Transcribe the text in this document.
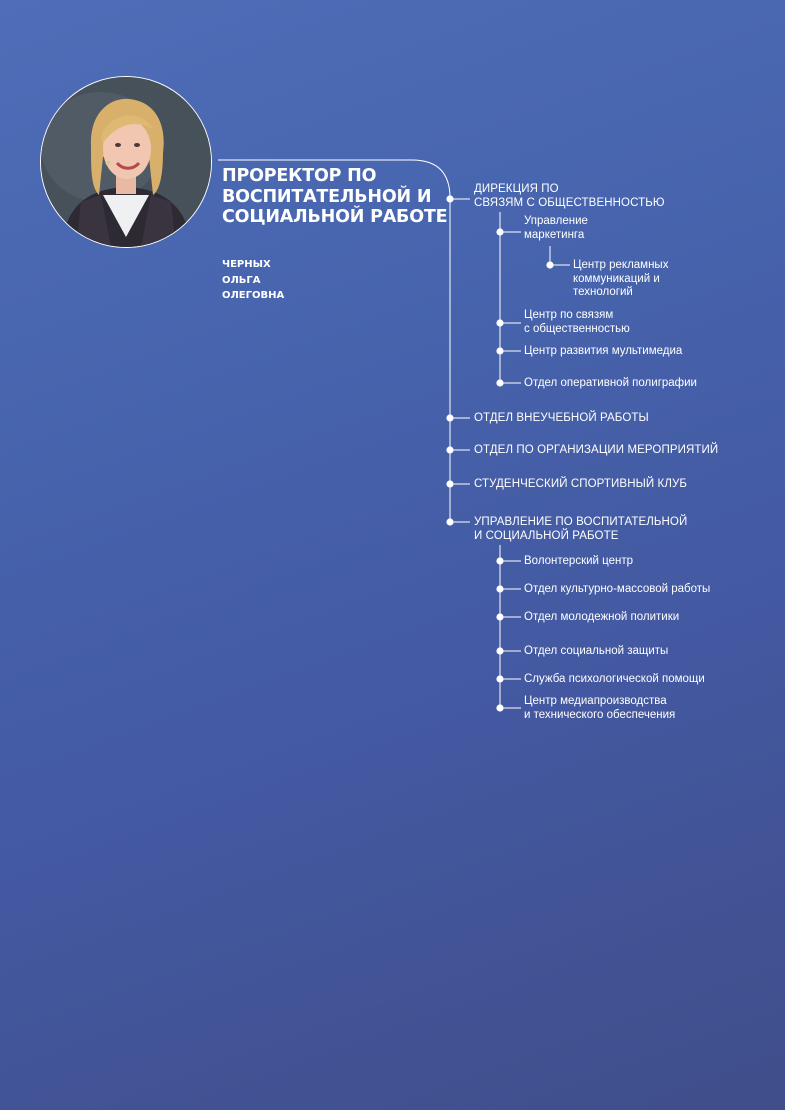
ПРОРЕКТОР ПО ВОСПИТАТЕЛЬНОЙ И СОЦИАЛЬНОЙ РАБОТЕ
ЧЕРНЫХ
ОЛЬГА
ОЛЕГОВНА
ДИРЕКЦИЯ ПО
СВЯЗЯМ С ОБЩЕСТВЕННОСТЬЮ
ОТДЕЛ ВНЕУЧЕБНОЙ РАБОТЫ
ОТДЕЛ ПО ОРГАНИЗАЦИИ МЕРОПРИЯТИЙ
СТУДЕНЧЕСКИЙ СПОРТИВНЫЙ КЛУБ
УПРАВЛЕНИЕ ПО ВОСПИТАТЕЛЬНОЙ
И СОЦИАЛЬНОЙ РАБОТЕ
Управление
маркетинга
Центр по связям
с общественностью
Центр развития мультимедиа
Отдел оперативной полиграфии
Центр рекламных
коммуникаций и
технологий
Волонтерский центр
Отдел культурно-массовой работы
Отдел молодежной политики
Отдел социальной защиты
Служба психологической помощи
Центр медиапроизводства
и технического обеспечения
